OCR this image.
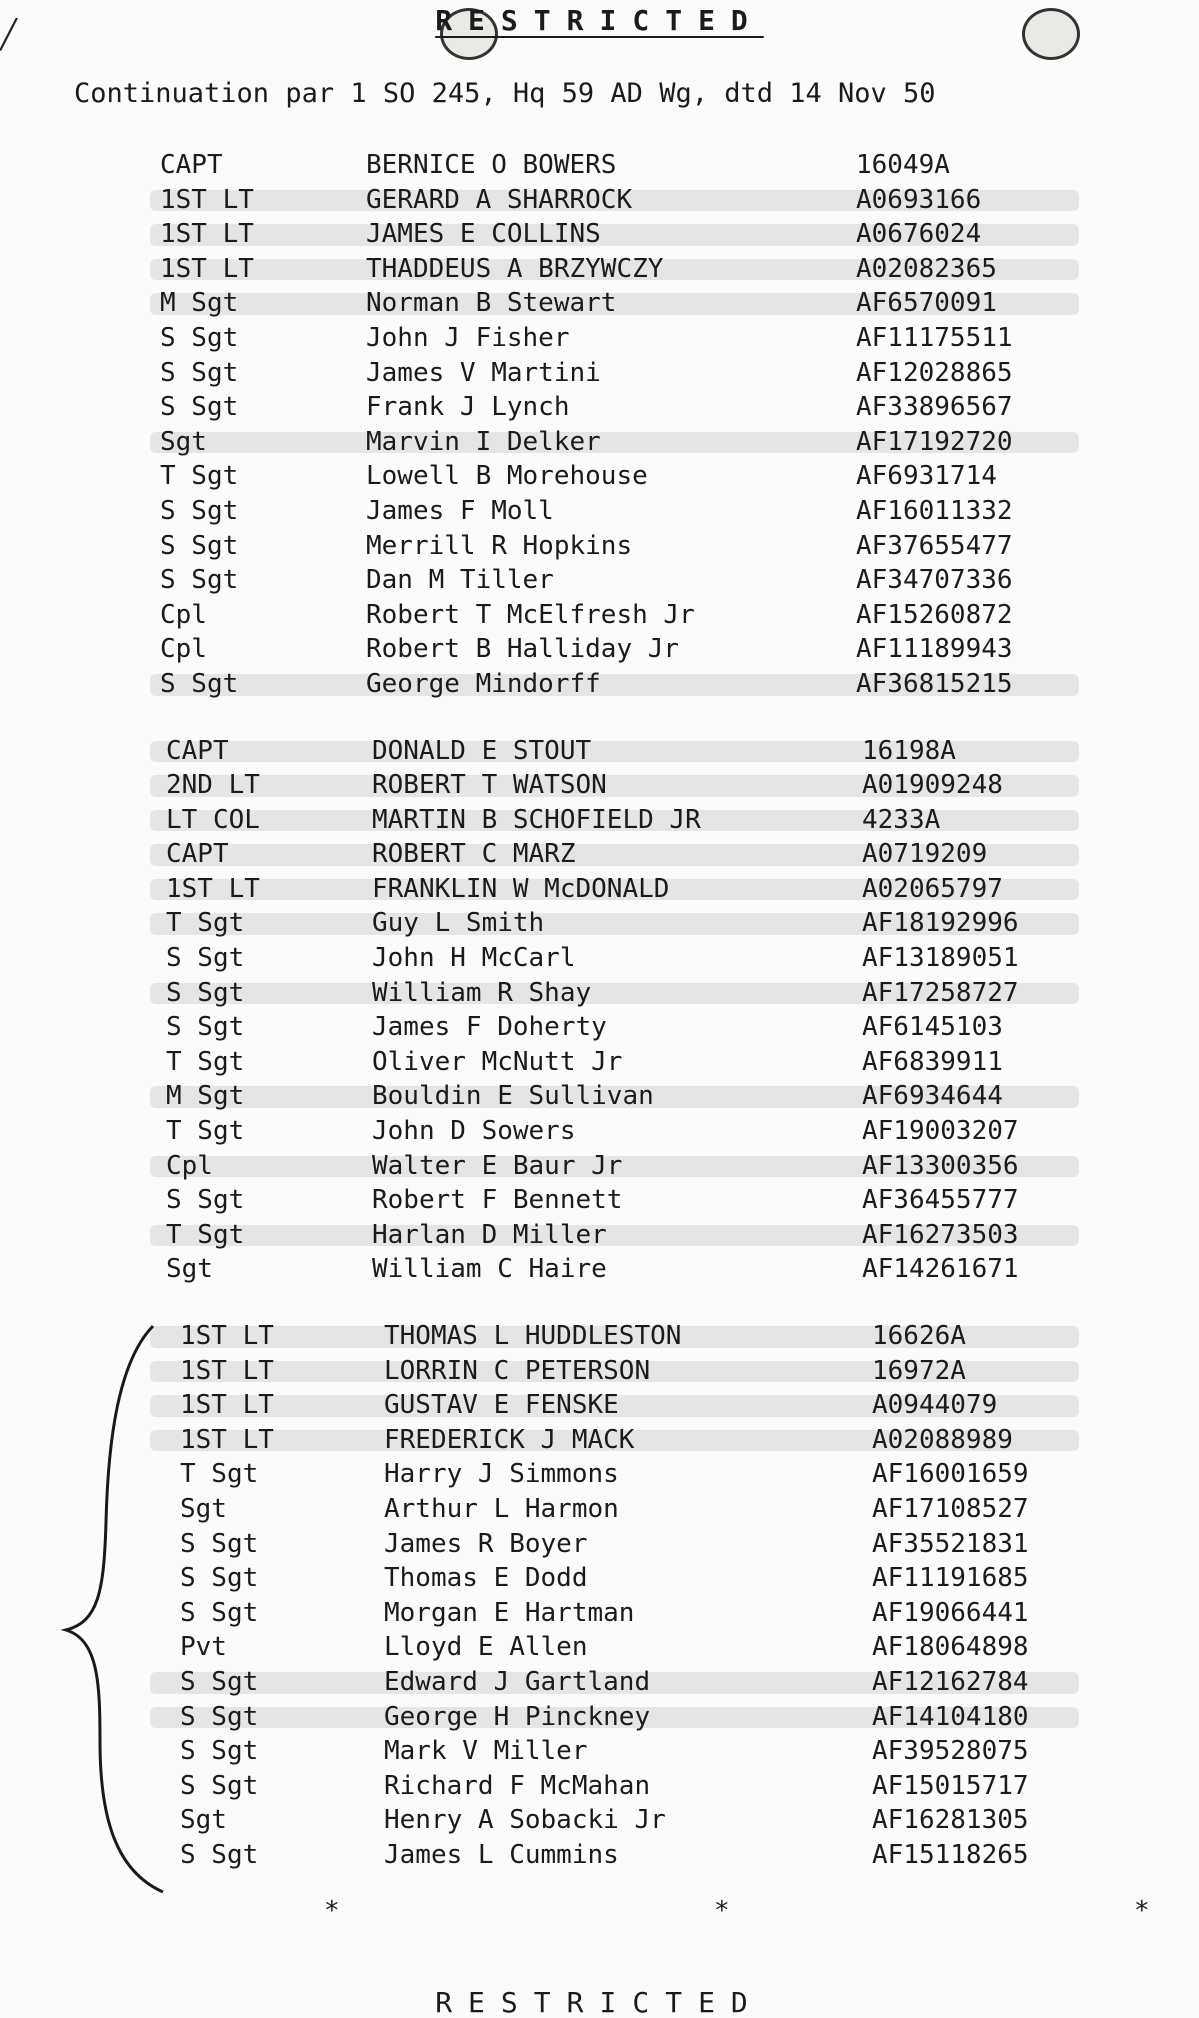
╱	RESTRICTED
Continuation par 1 SO 245, Hq 59 AD Wg, dtd 14 Nov 50
CAPT	BERNICE O BOWERS	16049A
1ST LT	GERARD A SHARROCK	A0693166
1ST LT	JAMES E COLLINS	A0676024
1ST LT	THADDEUS A BRZYWCZY	A02082365
M Sgt	Norman B Stewart	AF6570091
S Sgt	John J Fisher	AF11175511
S Sgt	James V Martini	AF12028865
S Sgt	Frank J Lynch	AF33896567
Sgt	Marvin I Delker	AF17192720
T Sgt	Lowell B Morehouse	AF6931714
S Sgt	James F Moll	AF16011332
S Sgt	Merrill R Hopkins	AF37655477
S Sgt	Dan M Tiller	AF34707336
Cpl	Robert T McElfresh Jr	AF15260872
Cpl	Robert B Halliday Jr	AF11189943
S Sgt	George Mindorff	AF36815215
CAPT	DONALD E STOUT	16198A
2ND LT	ROBERT T WATSON	A01909248
LT COL	MARTIN B SCHOFIELD JR	4233A
CAPT	ROBERT C MARZ	A0719209
1ST LT	FRANKLIN W McDONALD	A02065797
T Sgt	Guy L Smith	AF18192996
S Sgt	John H McCarl	AF13189051
S Sgt	William R Shay	AF17258727
S Sgt	James F Doherty	AF6145103
T Sgt	Oliver McNutt Jr	AF6839911
M Sgt	Bouldin E Sullivan	AF6934644
T Sgt	John D Sowers	AF19003207
Cpl	Walter E Baur Jr	AF13300356
S Sgt	Robert F Bennett	AF36455777
T Sgt	Harlan D Miller	AF16273503
Sgt	William C Haire	AF14261671
1ST LT	THOMAS L HUDDLESTON	16626A
1ST LT	LORRIN C PETERSON	16972A
1ST LT	GUSTAV E FENSKE	A0944079
1ST LT	FREDERICK J MACK	A02088989
T Sgt	Harry J Simmons	AF16001659
Sgt	Arthur L Harmon	AF17108527
S Sgt	James R Boyer	AF35521831
S Sgt	Thomas E Dodd	AF11191685
S Sgt	Morgan E Hartman	AF19066441
Pvt	Lloyd E Allen	AF18064898
S Sgt	Edward J Gartland	AF12162784
S Sgt	George H Pinckney	AF14104180
S Sgt	Mark V Miller	AF39528075
S Sgt	Richard F McMahan	AF15015717
Sgt	Henry A Sobacki Jr	AF16281305
S Sgt	James L Cummins	AF15118265
*	*	*
RESTRICTED
